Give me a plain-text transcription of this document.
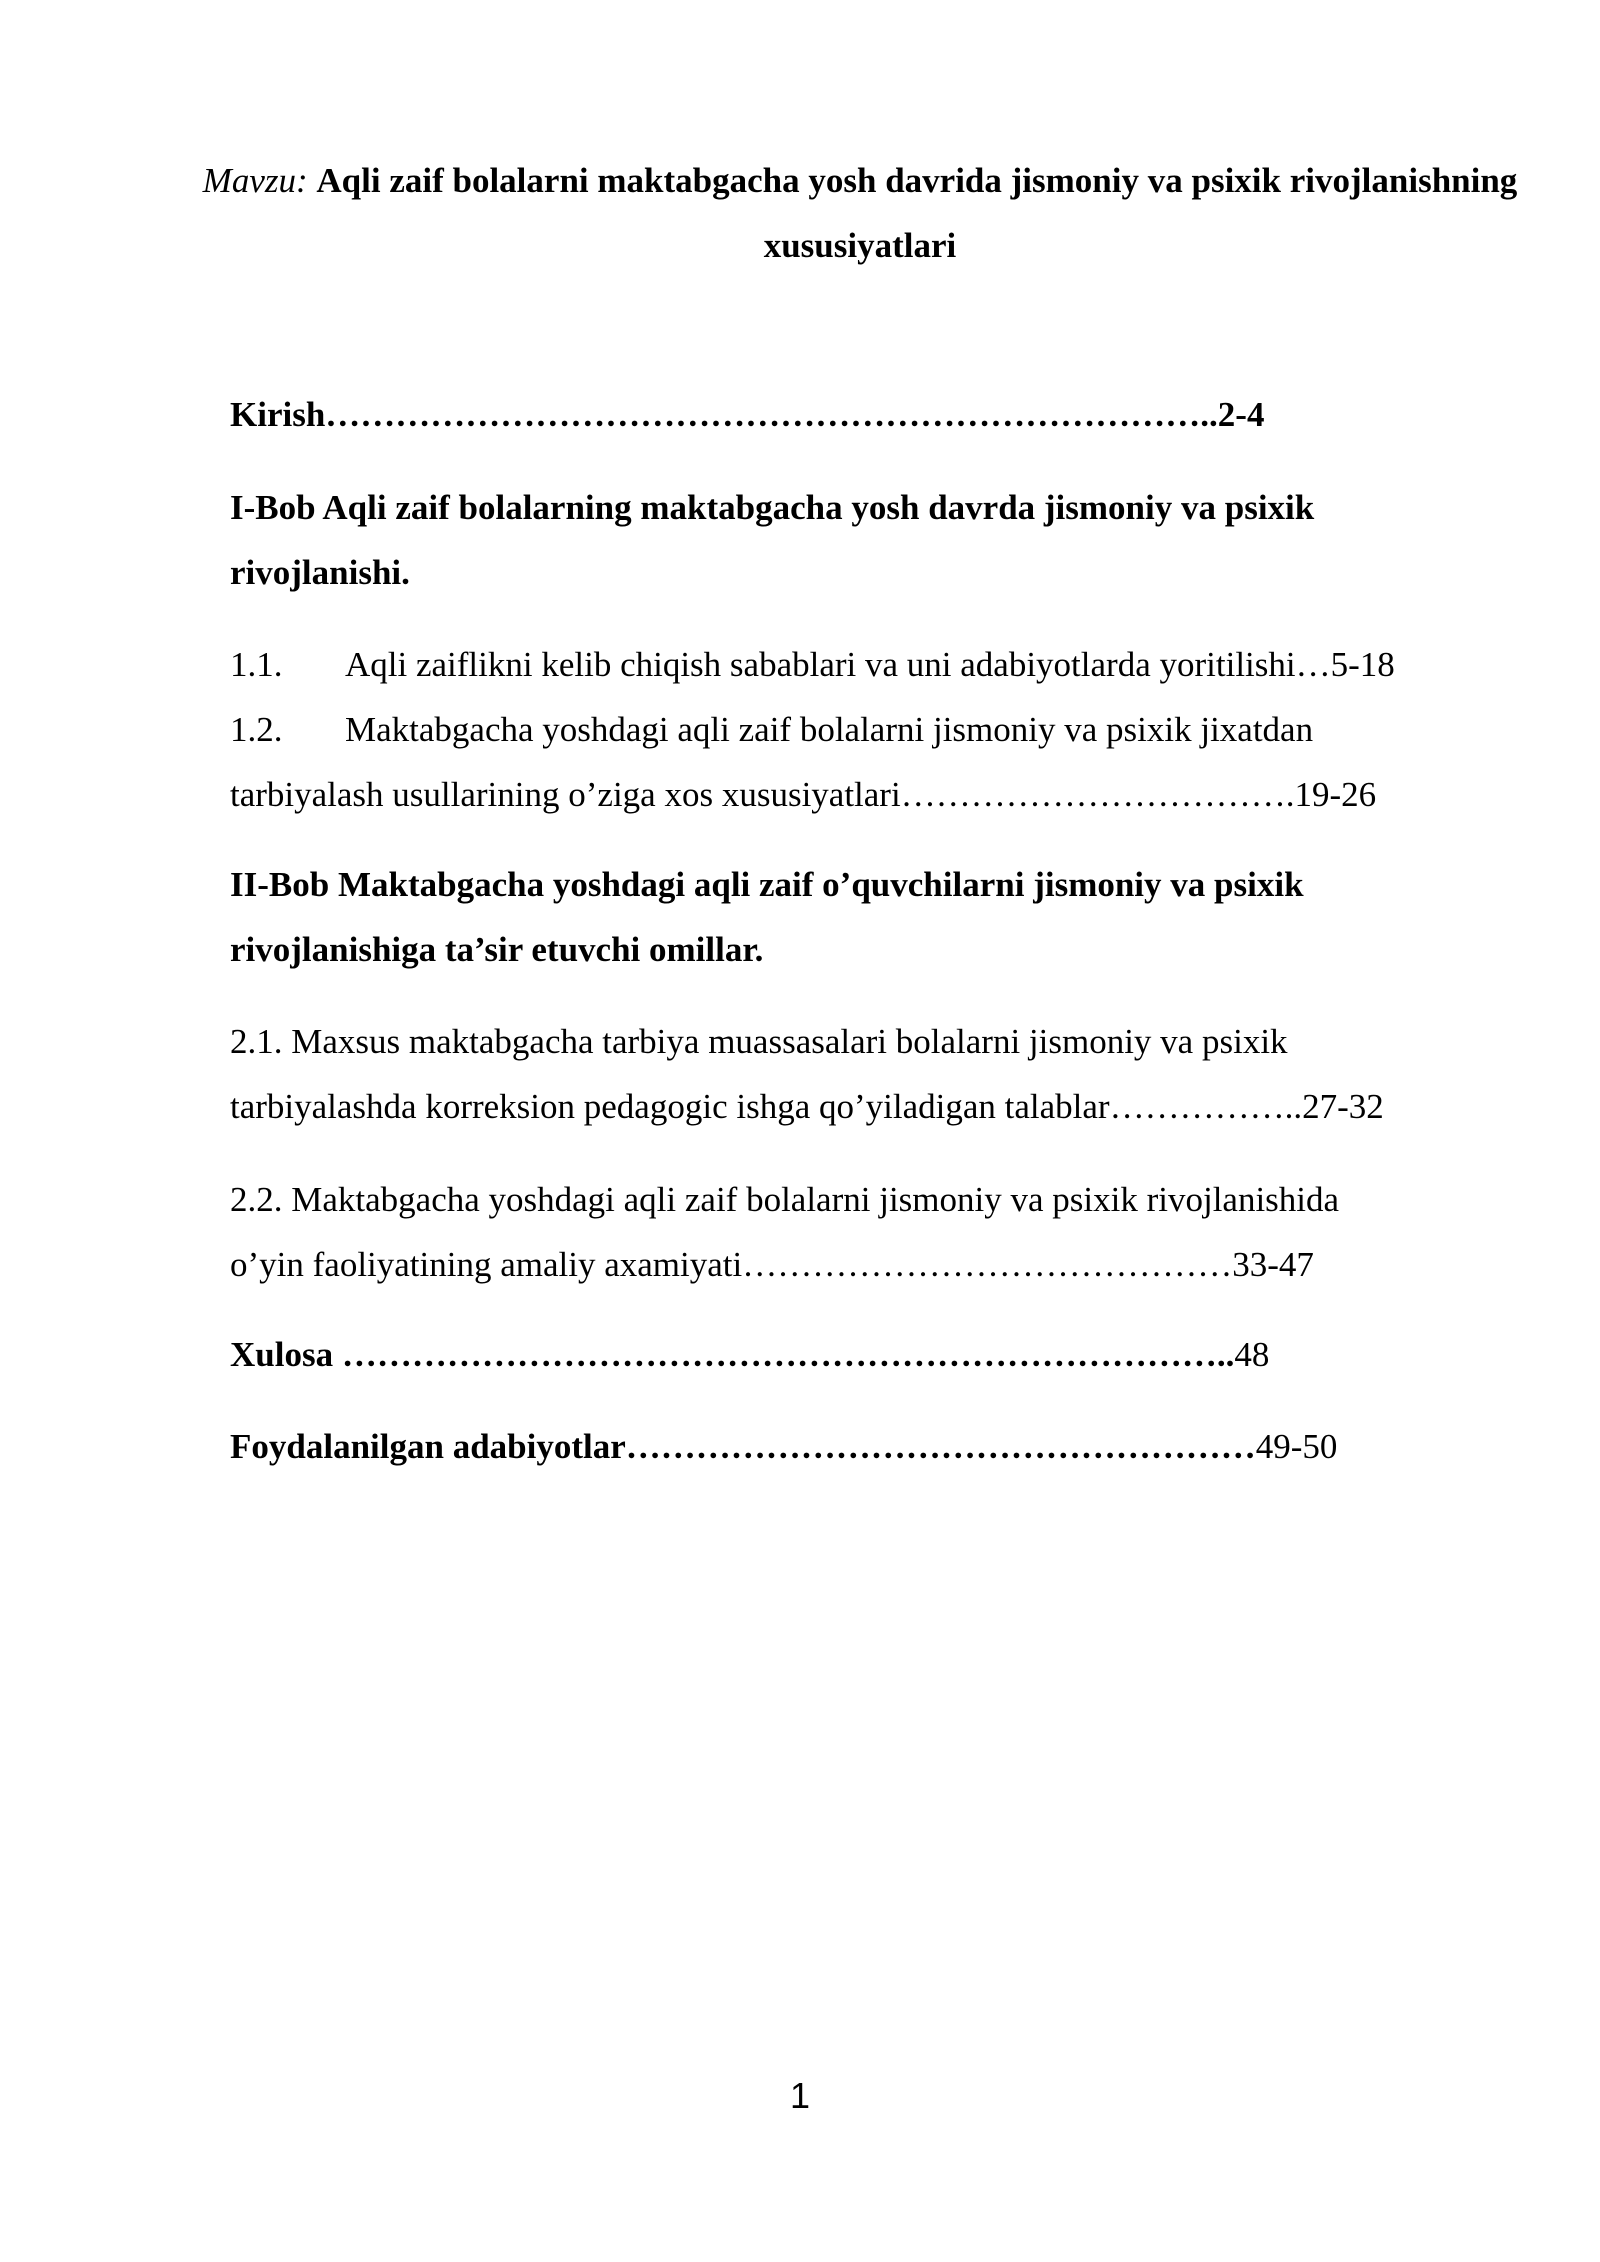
Mavzu: Aqli zaif bolalarni maktabgacha yosh davrida jismoniy va psixik rivojlanishning xususiyatlari
Kirish…………………………………………………………………..2-4
I-Bob Aqli zaif bolalarning maktabgacha yosh davrda jismoniy va psixik
rivojlanishi.
1.1. Aqli zaiflikni kelib chiqish sabablari va uni adabiyotlarda yoritilishi…5-18
1.2. Maktabgacha yoshdagi aqli zaif bolalarni jismoniy va psixik jixatdan
tarbiyalash usullarining o’ziga xos xususiyatlari…………………………….19-26
II-Bob Maktabgacha yoshdagi aqli zaif o’quvchilarni jismoniy va psixik
rivojlanishiga ta’sir etuvchi omillar.
2.1. Maxsus maktabgacha tarbiya muassasalari bolalarni jismoniy va psixik
tarbiyalashda korreksion pedagogic ishga qo’yiladigan talablar……………..27-32
2.2. Maktabgacha yoshdagi aqli zaif bolalarni jismoniy va psixik rivojlanishida
o’yin faoliyatining amaliy axamiyati……………………………………33-47
Xulosa …………………………………………………………………..48
Foydalanilgan adabiyotlar………………………………………………49-50
1
